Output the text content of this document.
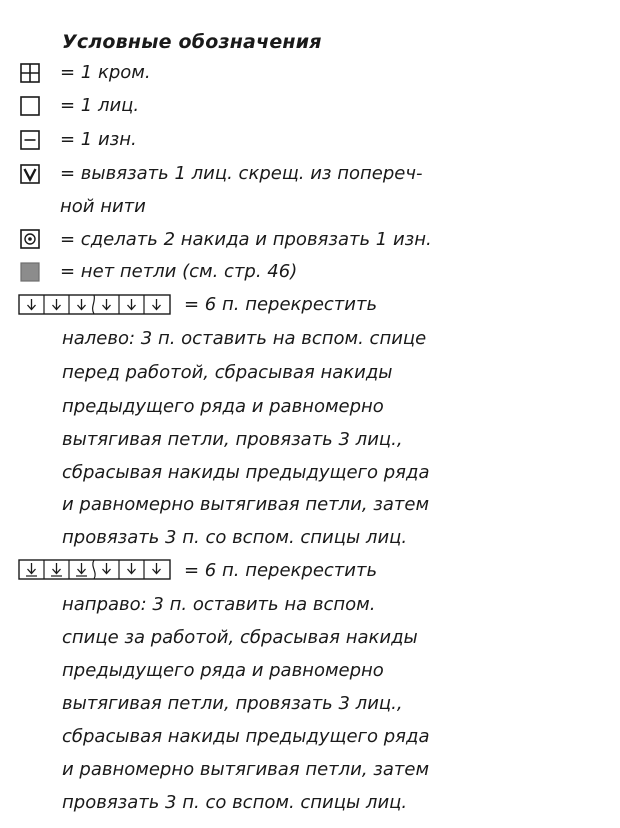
Условные обозначения
= 1 кром.
= 1 лиц.
= 1 изн.
= вывязать 1 лиц. скрещ. из попереч-
ной нити
= сделать 2 накида и провязать 1 изн.
= нет петли (см. стр. 46)
= 6 п. перекрестить
налево: 3 п. оставить на вспом. спице
перед работой, сбрасывая накиды
предыдущего ряда и равномерно
вытягивая петли, провязать 3 лиц.,
сбрасывая накиды предыдущего ряда
и равномерно вытягивая петли, затем
провязать 3 п. со вспом. спицы лиц.
= 6 п. перекрестить
направо: 3 п. оставить на вспом.
спице за работой, сбрасывая накиды
предыдущего ряда и равномерно
вытягивая петли, провязать 3 лиц.,
сбрасывая накиды предыдущего ряда
и равномерно вытягивая петли, затем
провязать 3 п. со вспом. спицы лиц.
